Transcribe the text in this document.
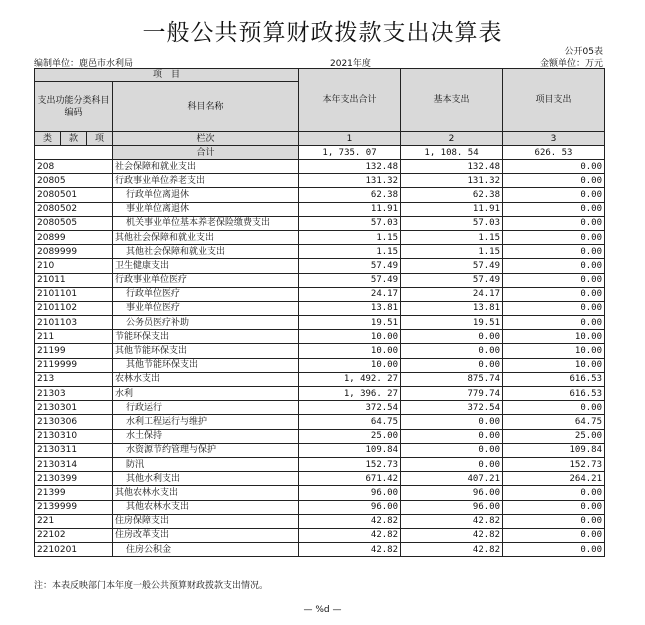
一般公共预算财政拨款支出决算表
公开05表
编制单位：鹿邑市水利局	2021年度	金额单位：万元
项　目				本年支出合计	基本支出	项目支出
支出功能分类科目编码			科目名称			
类	款	项				
			栏次	1	2	3
			合计	1, 735. 07	1, 108. 54	626. 53
208			社会保障和就业支出	132.48	132.48	0.00
20805			行政事业单位养老支出	131.32	131.32	0.00
2080501			行政单位离退休	62.38	62.38	0.00
2080502			事业单位离退休	11.91	11.91	0.00
2080505			机关事业单位基本养老保险缴费支出	57.03	57.03	0.00
20899			其他社会保障和就业支出	1.15	1.15	0.00
2089999			其他社会保障和就业支出	1.15	1.15	0.00
210			卫生健康支出	57.49	57.49	0.00
21011			行政事业单位医疗	57.49	57.49	0.00
2101101			行政单位医疗	24.17	24.17	0.00
2101102			事业单位医疗	13.81	13.81	0.00
2101103			公务员医疗补助	19.51	19.51	0.00
211			节能环保支出	10.00	0.00	10.00
21199			其他节能环保支出	10.00	0.00	10.00
2119999			其他节能环保支出	10.00	0.00	10.00
213			农林水支出	1, 492. 27	875.74	616.53
21303			水利	1, 396. 27	779.74	616.53
2130301			行政运行	372.54	372.54	0.00
2130306			水利工程运行与维护	64.75	0.00	64.75
2130310			水土保持	25.00	0.00	25.00
2130311			水资源节约管理与保护	109.84	0.00	109.84
2130314			防汛	152.73	0.00	152.73
2130399			其他水利支出	671.42	407.21	264.21
21399			其他农林水支出	96.00	96.00	0.00
2139999			其他农林水支出	96.00	96.00	0.00
221			住房保障支出	42.82	42.82	0.00
22102			住房改革支出	42.82	42.82	0.00
2210201			住房公积金	42.82	42.82	0.00
注：本表反映部门本年度一般公共预算财政拨款支出情况。
— %d —
